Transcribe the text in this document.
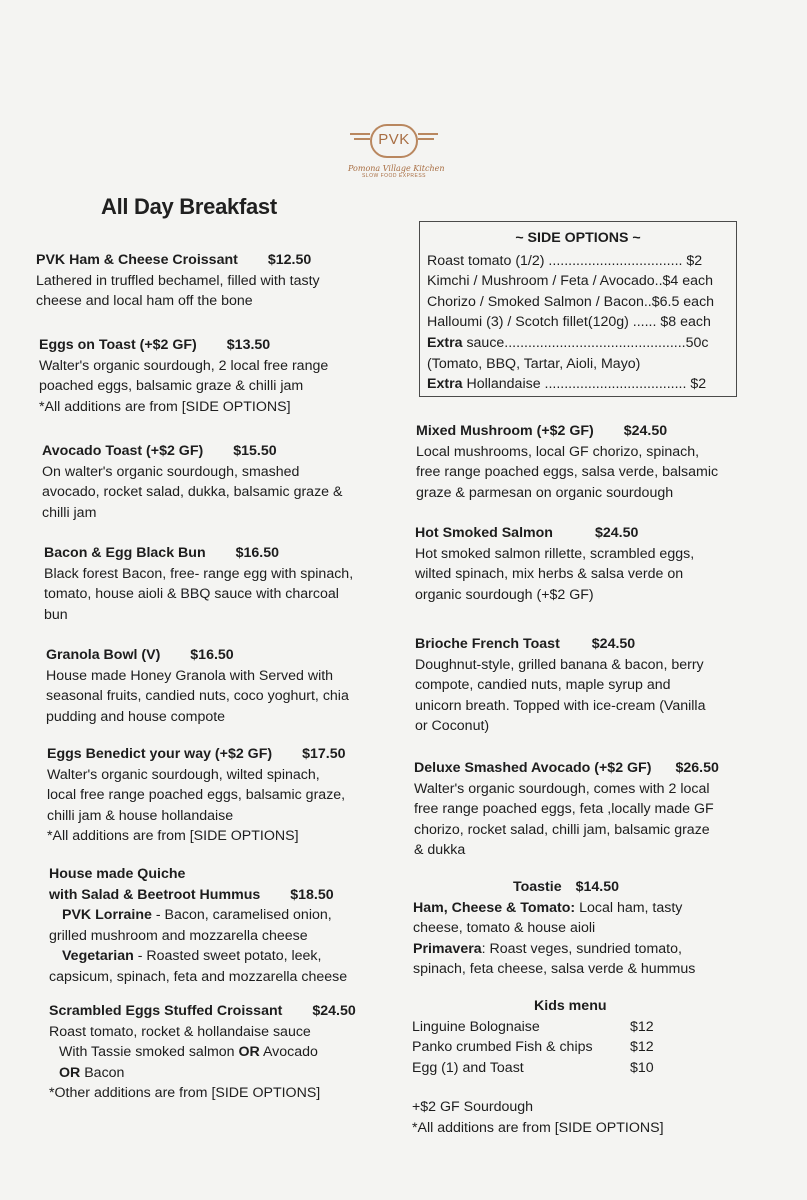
PVK
Pomona Village Kitchen
SLOW FOOD EXPRESS
All Day Breakfast
PVK Ham & Cheese Croissant $12.50
Lathered in truffled bechamel, filled with tasty
cheese and local ham off the bone
Eggs on Toast (+$2 GF) $13.50
Walter's organic sourdough, 2 local free range
poached eggs, balsamic graze & chilli jam
*All additions are from [SIDE OPTIONS]
Avocado Toast (+$2 GF) $15.50
On walter's organic sourdough, smashed
avocado, rocket salad, dukka, balsamic graze &
chilli jam
Bacon & Egg Black Bun $16.50
Black forest Bacon, free- range egg with spinach,
tomato, house aioli & BBQ sauce with charcoal
bun
Granola Bowl (V) $16.50
House made Honey Granola with Served with
seasonal fruits, candied nuts, coco yoghurt, chia
pudding and house compote
Eggs Benedict your way (+$2 GF) $17.50
Walter's organic sourdough, wilted spinach,
local free range poached eggs, balsamic graze,
chilli jam & house hollandaise
*All additions are from [SIDE OPTIONS]
House made Quiche
with Salad & Beetroot Hummus $18.50
PVK Lorraine - Bacon, caramelised onion,
grilled mushroom and mozzarella cheese
Vegetarian - Roasted sweet potato, leek,
capsicum, spinach, feta and mozzarella cheese
Scrambled Eggs Stuffed Croissant $24.50
Roast tomato, rocket & hollandaise sauce
With Tassie smoked salmon OR Avocado
OR Bacon
*Other additions are from [SIDE OPTIONS]
~ SIDE OPTIONS ~
Roast tomato (1/2) .................................. $2
Kimchi / Mushroom / Feta / Avocado..$4 each
Chorizo / Smoked Salmon / Bacon..$6.5 each
Halloumi (3) / Scotch fillet(120g) ...... $8 each
Extra sauce..............................................50c
(Tomato, BBQ, Tartar, Aioli, Mayo)
Extra Hollandaise .................................... $2
Mixed Mushroom (+$2 GF) $24.50
Local mushrooms, local GF chorizo, spinach,
free range poached eggs, salsa verde, balsamic
graze & parmesan on organic sourdough
Hot Smoked Salmon	$24.50
Hot smoked salmon rillette, scrambled eggs,
wilted spinach, mix herbs & salsa verde on
organic sourdough (+$2 GF)
Brioche French Toast $24.50
Doughnut-style, grilled banana & bacon, berry
compote, candied nuts, maple syrup and
unicorn breath. Topped with ice-cream (Vanilla
or Coconut)
Deluxe Smashed Avocado (+$2 GF) $26.50
Walter's organic sourdough, comes with 2 local
free range poached eggs, feta ,locally made GF
chorizo, rocket salad, chilli jam, balsamic graze
& dukka
Toastie $14.50
Ham, Cheese & Tomato: Local ham, tasty
cheese, tomato & house aioli
Primavera: Roast veges, sundried tomato,
spinach, feta cheese, salsa verde & hummus
Kids menu
Linguine Bolognaise	$12
Panko crumbed Fish & chips	$12
Egg (1) and Toast	$10
+$2 GF Sourdough
*All additions are from [SIDE OPTIONS]
